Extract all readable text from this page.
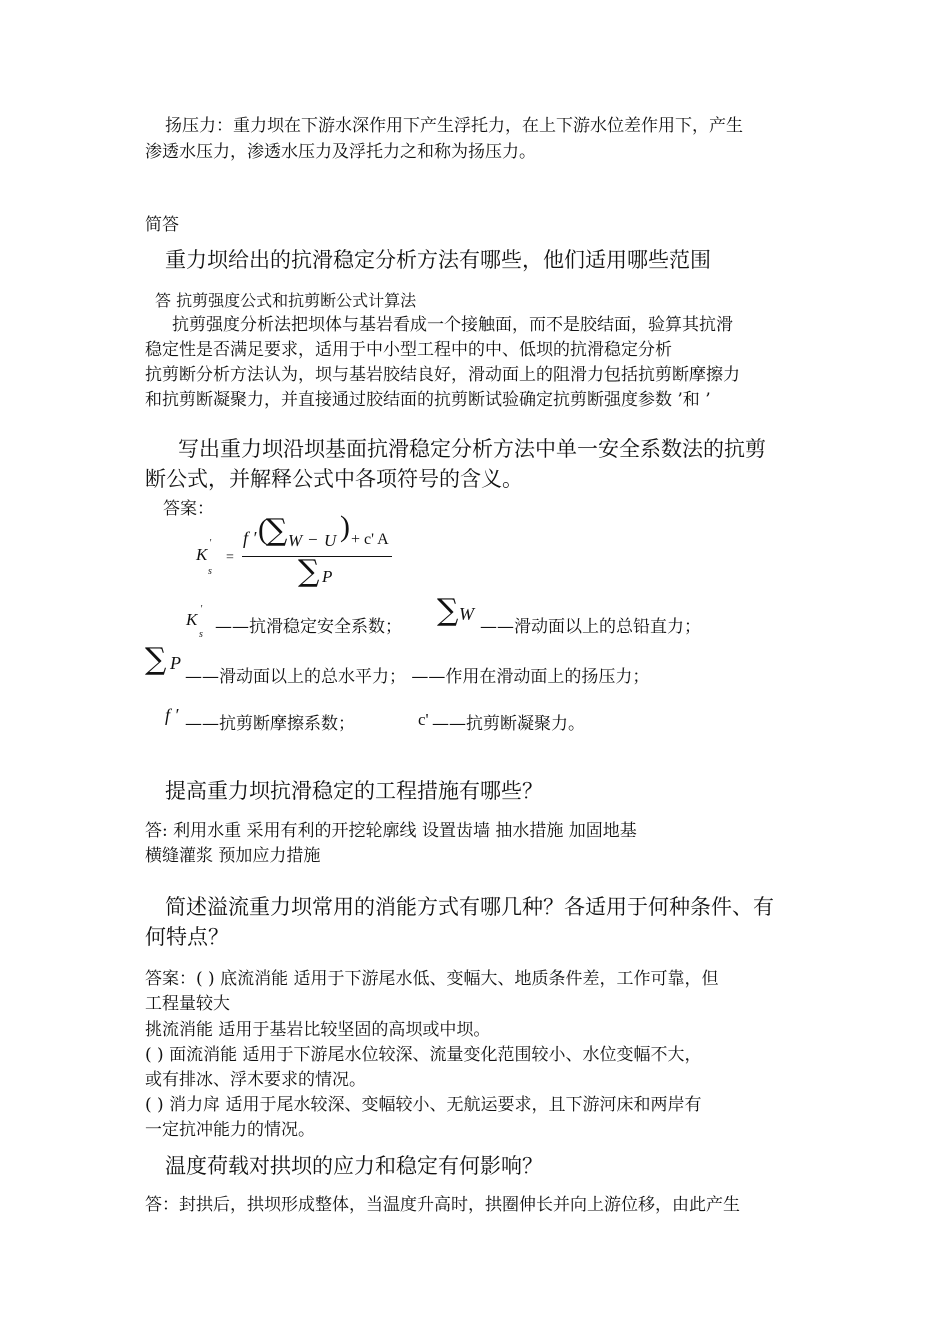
扬压力：重力坝在下游水深作用下产生浮托力，在上下游水位差作用下，产生
渗透水压力，渗透水压力及浮托力之和称为扬压力。
简答
重力坝给出的抗滑稳定分析方法有哪些，他们适用哪些范围
答 抗剪强度公式和抗剪断公式计算法
抗剪强度分析法把坝体与基岩看成一个接触面，而不是胶结面，验算其抗滑
稳定性是否满足要求，适用于中小型工程中的中、低坝的抗滑稳定分析
抗剪断分析方法认为，坝与基岩胶结良好，滑动面上的阻滑力包括抗剪断摩擦力
和抗剪断凝聚力，并直接通过胶结面的抗剪断试验确定抗剪断强度参数 ’和 ’
写出重力坝沿坝基面抗滑稳定分析方法中单一安全系数法的抗剪
断公式，并解释公式中各项符号的含义。
答案：
K
'
s
=
f ′ (
∑ W − U ) + c' A
∑ P
K
'
s ——抗滑稳定安全系数； ∑ W
——滑动面以上的总铅直力；
∑ P
——滑动面以上的总水平力； ——作用在滑动面上的扬压力；
f ′ ——抗剪断摩擦系数；	c' ——抗剪断凝聚力。
提高重力坝抗滑稳定的工程措施有哪些？
答: 利用水重 采用有利的开挖轮廓线 设置齿墙 抽水措施 加固地基
横缝灌浆 预加应力措施
简述溢流重力坝常用的消能方式有哪几种？各适用于何种条件、有
何特点？
答案：( ) 底流消能 适用于下游尾水低、变幅大、地质条件差，工作可靠，但
工程量较大
挑流消能 适用于基岩比较坚固的高坝或中坝。
( ) 面流消能 适用于下游尾水位较深、流量变化范围较小、水位变幅不大，
或有排冰、浮木要求的情况。
( ) 消力戽 适用于尾水较深、变幅较小、无航运要求，且下游河床和两岸有
一定抗冲能力的情况。
温度荷载对拱坝的应力和稳定有何影响？
答：封拱后，拱坝形成整体，当温度升高时，拱圈伸长并向上游位移，由此产生
